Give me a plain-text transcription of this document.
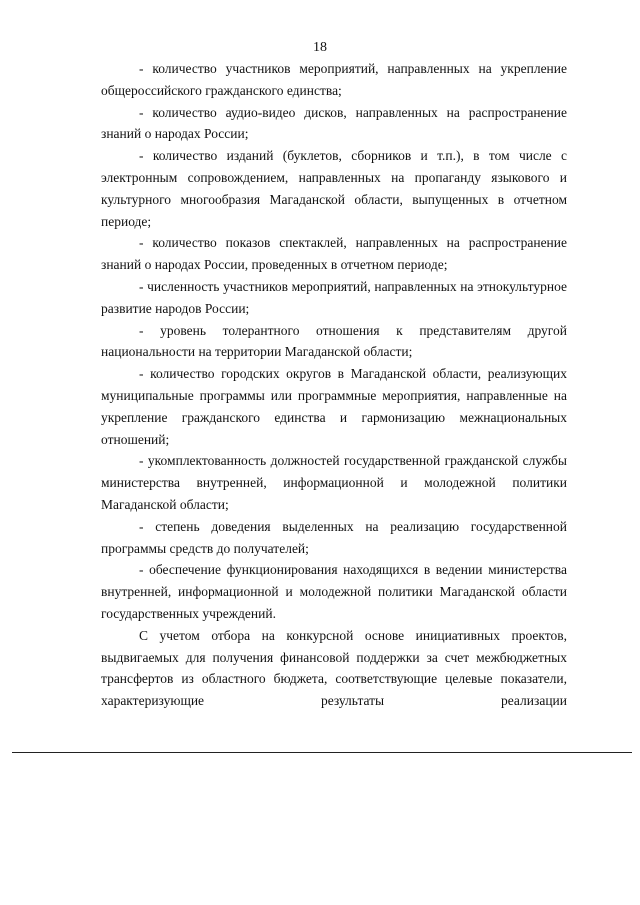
18

- количество участников мероприятий, направленных на укрепление общероссийского гражданского единства;

- количество аудио-видео дисков, направленных на распространение знаний о народах России;

- количество изданий (буклетов, сборников и т.п.), в том числе с электронным сопровождением, направленных на пропаганду языкового и культурного многообразия Магаданской области, выпущенных в отчетном периоде;

- количество показов спектаклей, направленных на распространение знаний о народах России, проведенных в отчетном периоде;

- численность участников мероприятий, направленных на этнокультурное развитие народов России;

- уровень толерантного отношения к представителям другой национальности на территории Магаданской области;

- количество городских округов в Магаданской области, реализующих муниципальные программы или программные мероприятия, направленные на укрепление гражданского единства и гармонизацию межнациональных отношений;

- укомплектованность должностей государственной гражданской службы министерства внутренней, информационной и молодежной политики Магаданской области;

- степень доведения выделенных на реализацию государственной программы средств до получателей;

- обеспечение функционирования находящихся в ведении министерства внутренней, информационной и молодежной политики Магаданской области государственных учреждений.

С учетом отбора на конкурсной основе инициативных проектов, выдвигаемых для получения финансовой поддержки за счет межбюджетных трансфертов из областного бюджета, соответствующие целевые показатели, характеризующие результаты реализации
